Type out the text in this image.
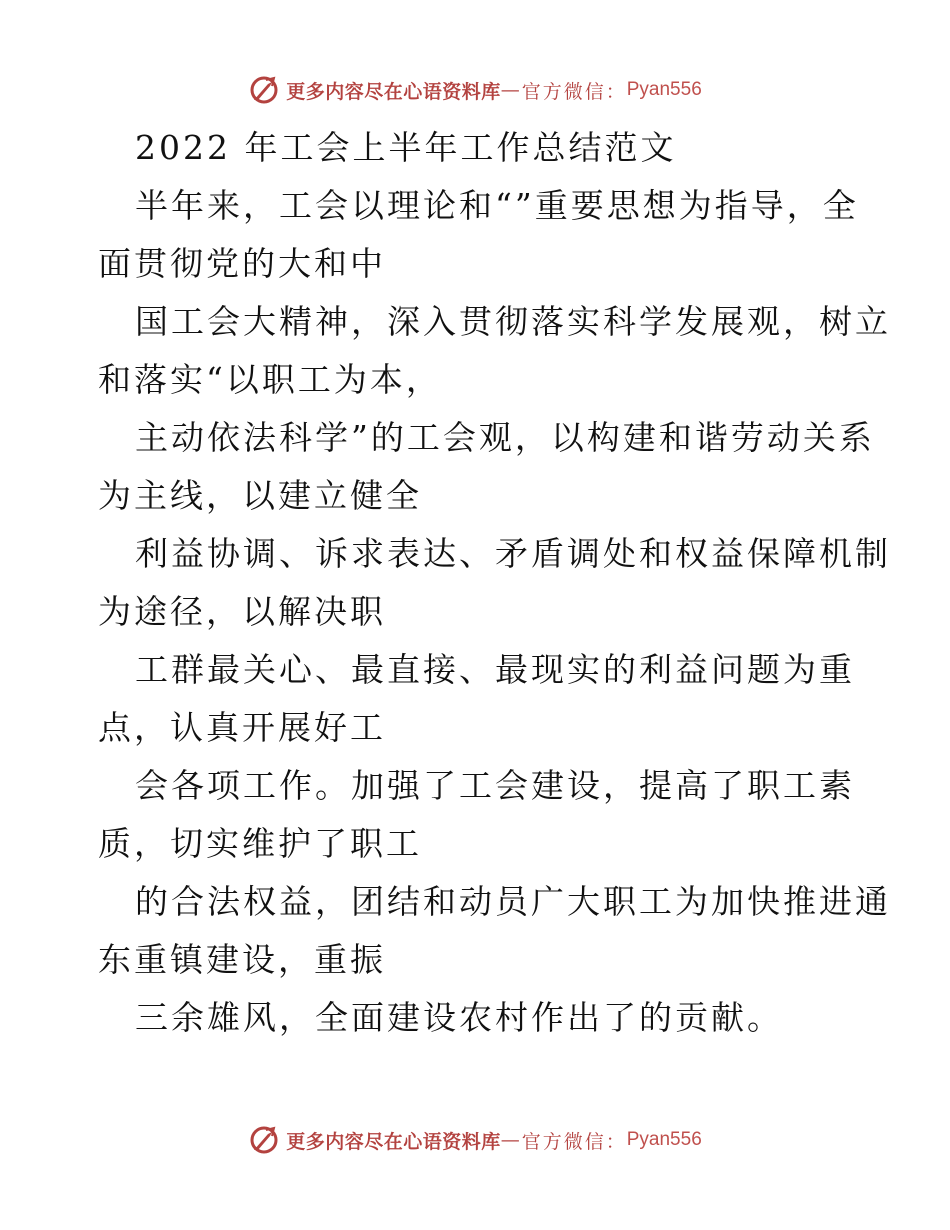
更多内容尽在心语资料库 — 官方微信： Pyan556
2022 年工会上半年工作总结范文
半年来，工会以理论和“”重要思想为指导，全
面贯彻党的大和中
国工会大精神，深入贯彻落实科学发展观，树立
和落实“以职工为本，
主动依法科学”的工会观，以构建和谐劳动关系
为主线，以建立健全
利益协调、诉求表达、矛盾调处和权益保障机制
为途径，以解决职
工群最关心、最直接、最现实的利益问题为重
点，认真开展好工
会各项工作。加强了工会建设，提高了职工素
质，切实维护了职工
的合法权益，团结和动员广大职工为加快推进通
东重镇建设，重振
三余雄风，全面建设农村作出了的贡献。
更多内容尽在心语资料库 — 官方微信： Pyan556
